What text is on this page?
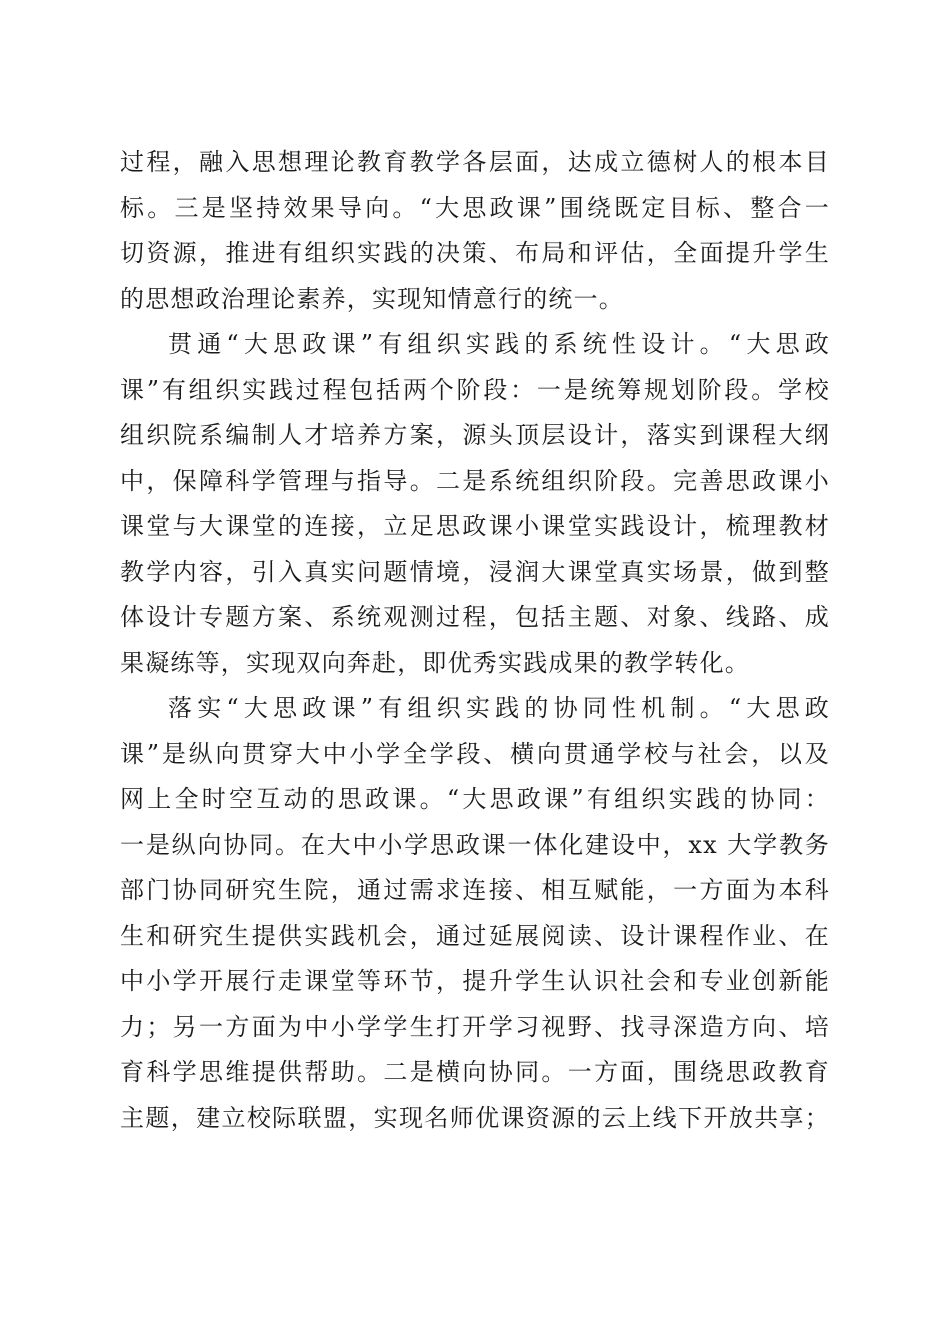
过程，融入思想理论教育教学各层面，达成立德树人的根本目
标。三是坚持效果导向。“大思政课”围绕既定目标、整合一
切资源，推进有组织实践的决策、布局和评估，全面提升学生
的思想政治理论素养，实现知情意行的统一。
贯通“大思政课”有组织实践的系统性设计。“大思政
课”有组织实践过程包括两个阶段：一是统筹规划阶段。学校
组织院系编制人才培养方案，源头顶层设计，落实到课程大纲
中，保障科学管理与指导。二是系统组织阶段。完善思政课小
课堂与大课堂的连接，立足思政课小课堂实践设计，梳理教材
教学内容，引入真实问题情境，浸润大课堂真实场景，做到整
体设计专题方案、系统观测过程，包括主题、对象、线路、成
果凝练等，实现双向奔赴，即优秀实践成果的教学转化。
落实“大思政课”有组织实践的协同性机制。“大思政
课”是纵向贯穿大中小学全学段、横向贯通学校与社会，以及
网上全时空互动的思政课。“大思政课”有组织实践的协同：
一是纵向协同。在大中小学思政课一体化建设中，xx 大学教务
部门协同研究生院，通过需求连接、相互赋能，一方面为本科
生和研究生提供实践机会，通过延展阅读、设计课程作业、在
中小学开展行走课堂等环节，提升学生认识社会和专业创新能
力；另一方面为中小学学生打开学习视野、找寻深造方向、培
育科学思维提供帮助。二是横向协同。一方面，围绕思政教育
主题，建立校际联盟，实现名师优课资源的云上线下开放共享；
